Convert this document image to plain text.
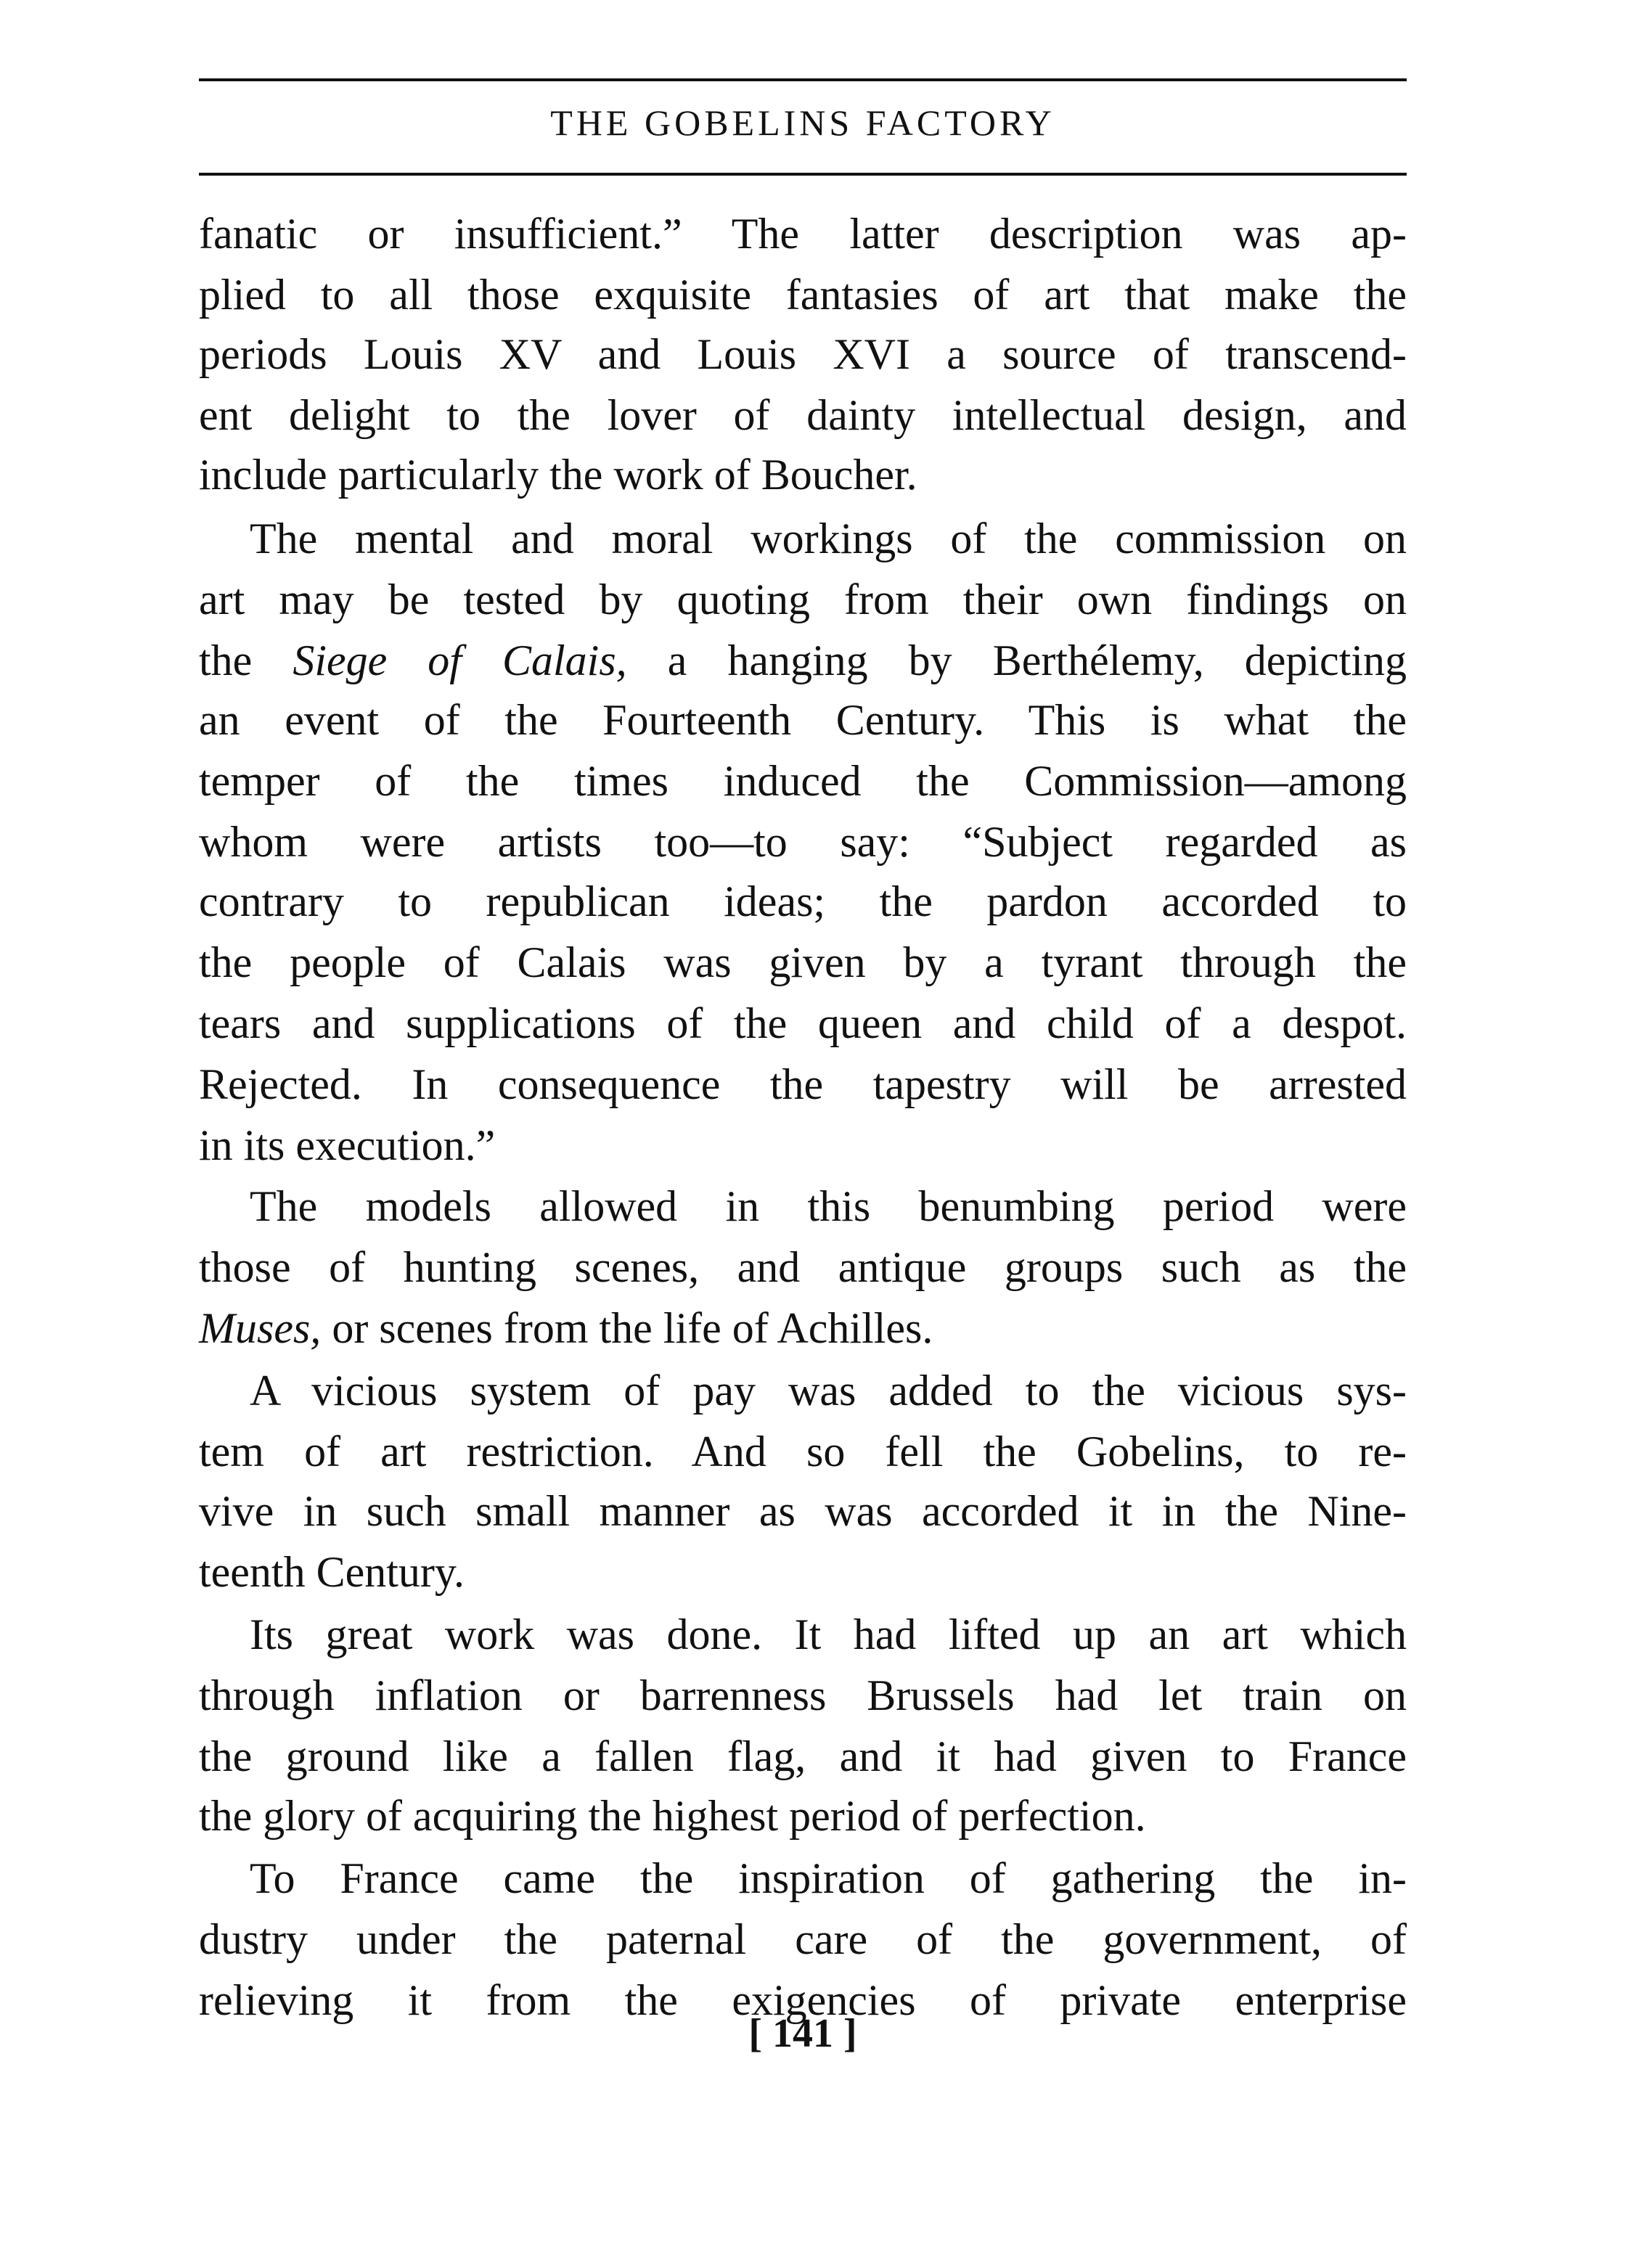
THE GOBELINS FACTORY
fanatic or insufficient.” The latter description was ap-
plied to all those exquisite fantasies of art that make the
periods Louis XV and Louis XVI a source of transcend-
ent delight to the lover of dainty intellectual design, and
include particularly the work of Boucher.
The mental and moral workings of the commission on
art may be tested by quoting from their own findings on
the Siege of Calais, a hanging by Berthélemy, depicting
an event of the Fourteenth Century. This is what the
temper of the times induced the Commission—among
whom were artists too—to say: “Subject regarded as
contrary to republican ideas; the pardon accorded to
the people of Calais was given by a tyrant through the
tears and supplications of the queen and child of a despot.
Rejected. In consequence the tapestry will be arrested
in its execution.”
The models allowed in this benumbing period were
those of hunting scenes, and antique groups such as the
Muses, or scenes from the life of Achilles.
A vicious system of pay was added to the vicious sys-
tem of art restriction. And so fell the Gobelins, to re-
vive in such small manner as was accorded it in the Nine-
teenth Century.
Its great work was done. It had lifted up an art which
through inflation or barrenness Brussels had let train on
the ground like a fallen flag, and it had given to France
the glory of acquiring the highest period of perfection.
To France came the inspiration of gathering the in-
dustry under the paternal care of the government, of
relieving it from the exigencies of private enterprise
[ 141 ]
